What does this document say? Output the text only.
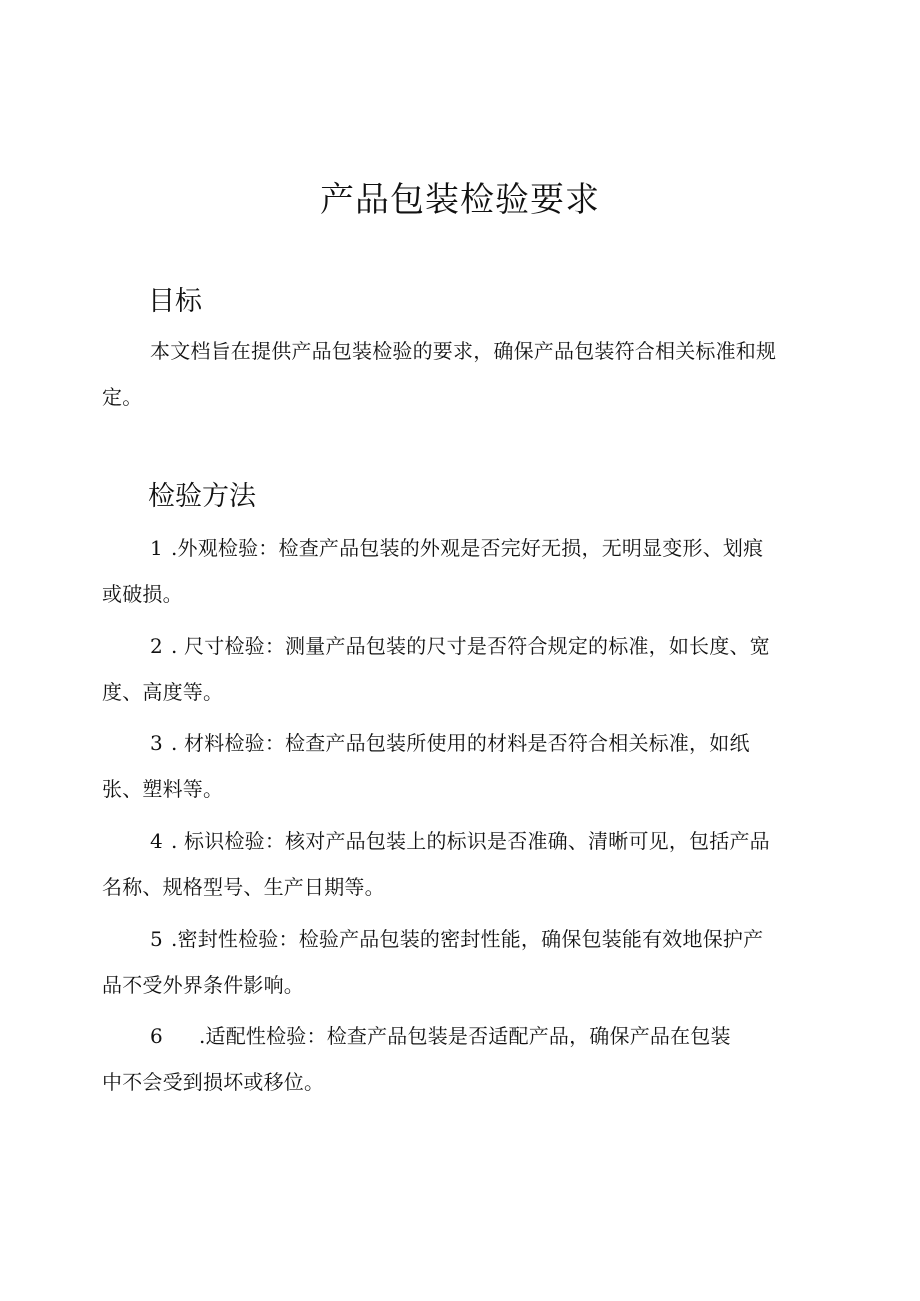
产品包装检验要求
目标
本文档旨在提供产品包装检验的要求，确保产品包装符合相关标准和规
定。
检验方法
1 .外观检验：检查产品包装的外观是否完好无损，无明显变形、划痕
或破损。
2 . 尺寸检验：测量产品包装的尺寸是否符合规定的标准，如长度、宽
度、高度等。
3 . 材料检验：检查产品包装所使用的材料是否符合相关标准，如纸
张、塑料等。
4 . 标识检验：核对产品包装上的标识是否准确、清晰可见，包括产品
名称、规格型号、生产日期等。
5 .密封性检验：检验产品包装的密封性能，确保包装能有效地保护产
品不受外界条件影响。
6 .适配性检验：检查产品包装是否适配产品，确保产品在包装
中不会受到损坏或移位。
